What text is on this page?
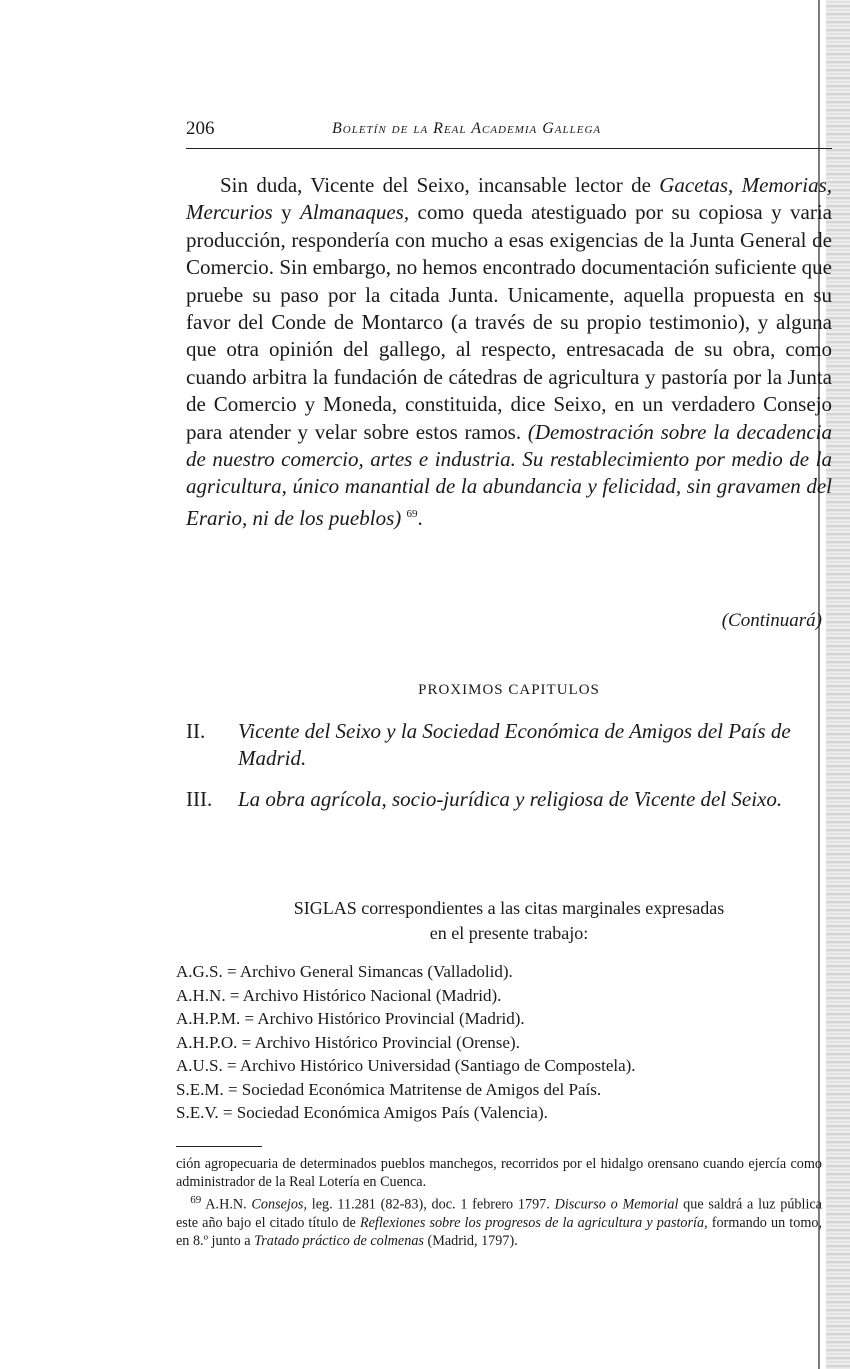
206	Boletín de la Real Academia Gallega

Sin duda, Vicente del Seixo, incansable lector de Gacetas, Memorias, Mercurios y Almanaques, como queda atestiguado por su copiosa y varia producción, respondería con mucho a esas exigencias de la Junta General de Comercio. Sin embargo, no hemos encontrado documentación suficiente que pruebe su paso por la citada Junta. Unicamente, aquella propuesta en su favor del Conde de Montarco (a través de su propio testimonio), y alguna que otra opinión del gallego, al respecto, entresacada de su obra, como cuando arbitra la fundación de cátedras de agricultura y pastoría por la Junta de Comercio y Moneda, constituida, dice Seixo, en un verdadero Consejo para atender y velar sobre estos ramos. (Demostración sobre la decadencia de nuestro comercio, artes e industria. Su restablecimiento por medio de la agricultura, único manantial de la abundancia y felicidad, sin gravamen del Erario, ni de los pueblos) $^{69}$.

(Continuará)
PROXIMOS CAPITULOS
II. Vicente del Seixo y la Sociedad Económica de Amigos del País de Madrid.
III. La obra agrícola, socio-jurídica y religiosa de Vicente del Seixo.
SIGLAS correspondientes a las citas marginales expresadas
en el presente trabajo:
A.G.S. = Archivo General Simancas (Valladolid).
A.H.N. = Archivo Histórico Nacional (Madrid).
A.H.P.M. = Archivo Histórico Provincial (Madrid).
A.H.P.O. = Archivo Histórico Provincial (Orense).
A.U.S. = Archivo Histórico Universidad (Santiago de Compostela).
S.E.M. = Sociedad Económica Matritense de Amigos del País.
S.E.V. = Sociedad Económica Amigos País (Valencia).

ción agropecuaria de determinados pueblos manchegos, recorridos por el hidalgo orensano cuando ejercía como administrador de la Real Lotería en Cuenca.

$^{69}$ A.H.N. Consejos, leg. 11.281 (82-83), doc. 1 febrero 1797. Discurso o Memorial que saldrá a luz pública este año bajo el citado título de Reflexiones sobre los progresos de la agricultura y pastoría, formando un tomo, en 8.º junto a Tratado práctico de colmenas (Madrid, 1797).
